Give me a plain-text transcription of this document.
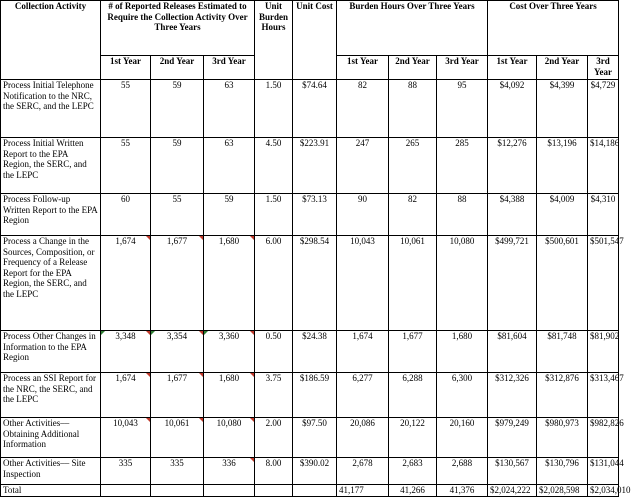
Collection Activity	# of Reported Releases Estimated to Require the Collection Activity Over Three Years			Unit Burden Hours	Unit Cost	Burden Hours Over Three Years			Cost Over Three Years		
	1st Year	2nd Year	3rd Year			1st Year	2nd Year	3rd Year	1st Year	2nd Year	3rd Year
Process Initial Telephone Notification to the NRC, the SERC, and the LEPC	55	59	63	1.50	$74.64	82	88	95	$4,092	$4,399	$4,729
Process Initial Written Report to the EPA Region, the SERC, and the LEPC	55	59	63	4.50	$223.91	247	265	285	$12,276	$13,196	$14,186
Process Follow-up Written Report to the EPA Region	60	55	59	1.50	$73.13	90	82	88	$4,388	$4,009	$4,310
Process a Change in the Sources, Composition, or Frequency of a Release Report for the EPA Region, the SERC, and the LEPC	1,674	1,677	1,680	6.00	$298.54	10,043	10,061	10,080	$499,721	$500,601	$501,547
Process Other Changes in Information to the EPA Region	3,348	3,354	3,360	0.50	$24.38	1,674	1,677	1,680	$81,604	$81,748	$81,902
Process an SSI Report for the NRC, the SERC, and the LEPC	1,674	1,677	1,680	3.75	$186.59	6,277	6,288	6,300	$312,326	$312,876	$313,467
Other Activities–– Obtaining Additional Information	10,043	10,061	10,080	2.00	$97.50	20,086	20,122	20,160	$979,249	$980,973	$982,826
Other Activities–– Site Inspection	335	335	336	8.00	$390.02	2,678	2,683	2,688	$130,567	$130,796	$131,044
Total						41,177	41,266	41,376	$2,024,222	$2,028,598	$2,034,010
